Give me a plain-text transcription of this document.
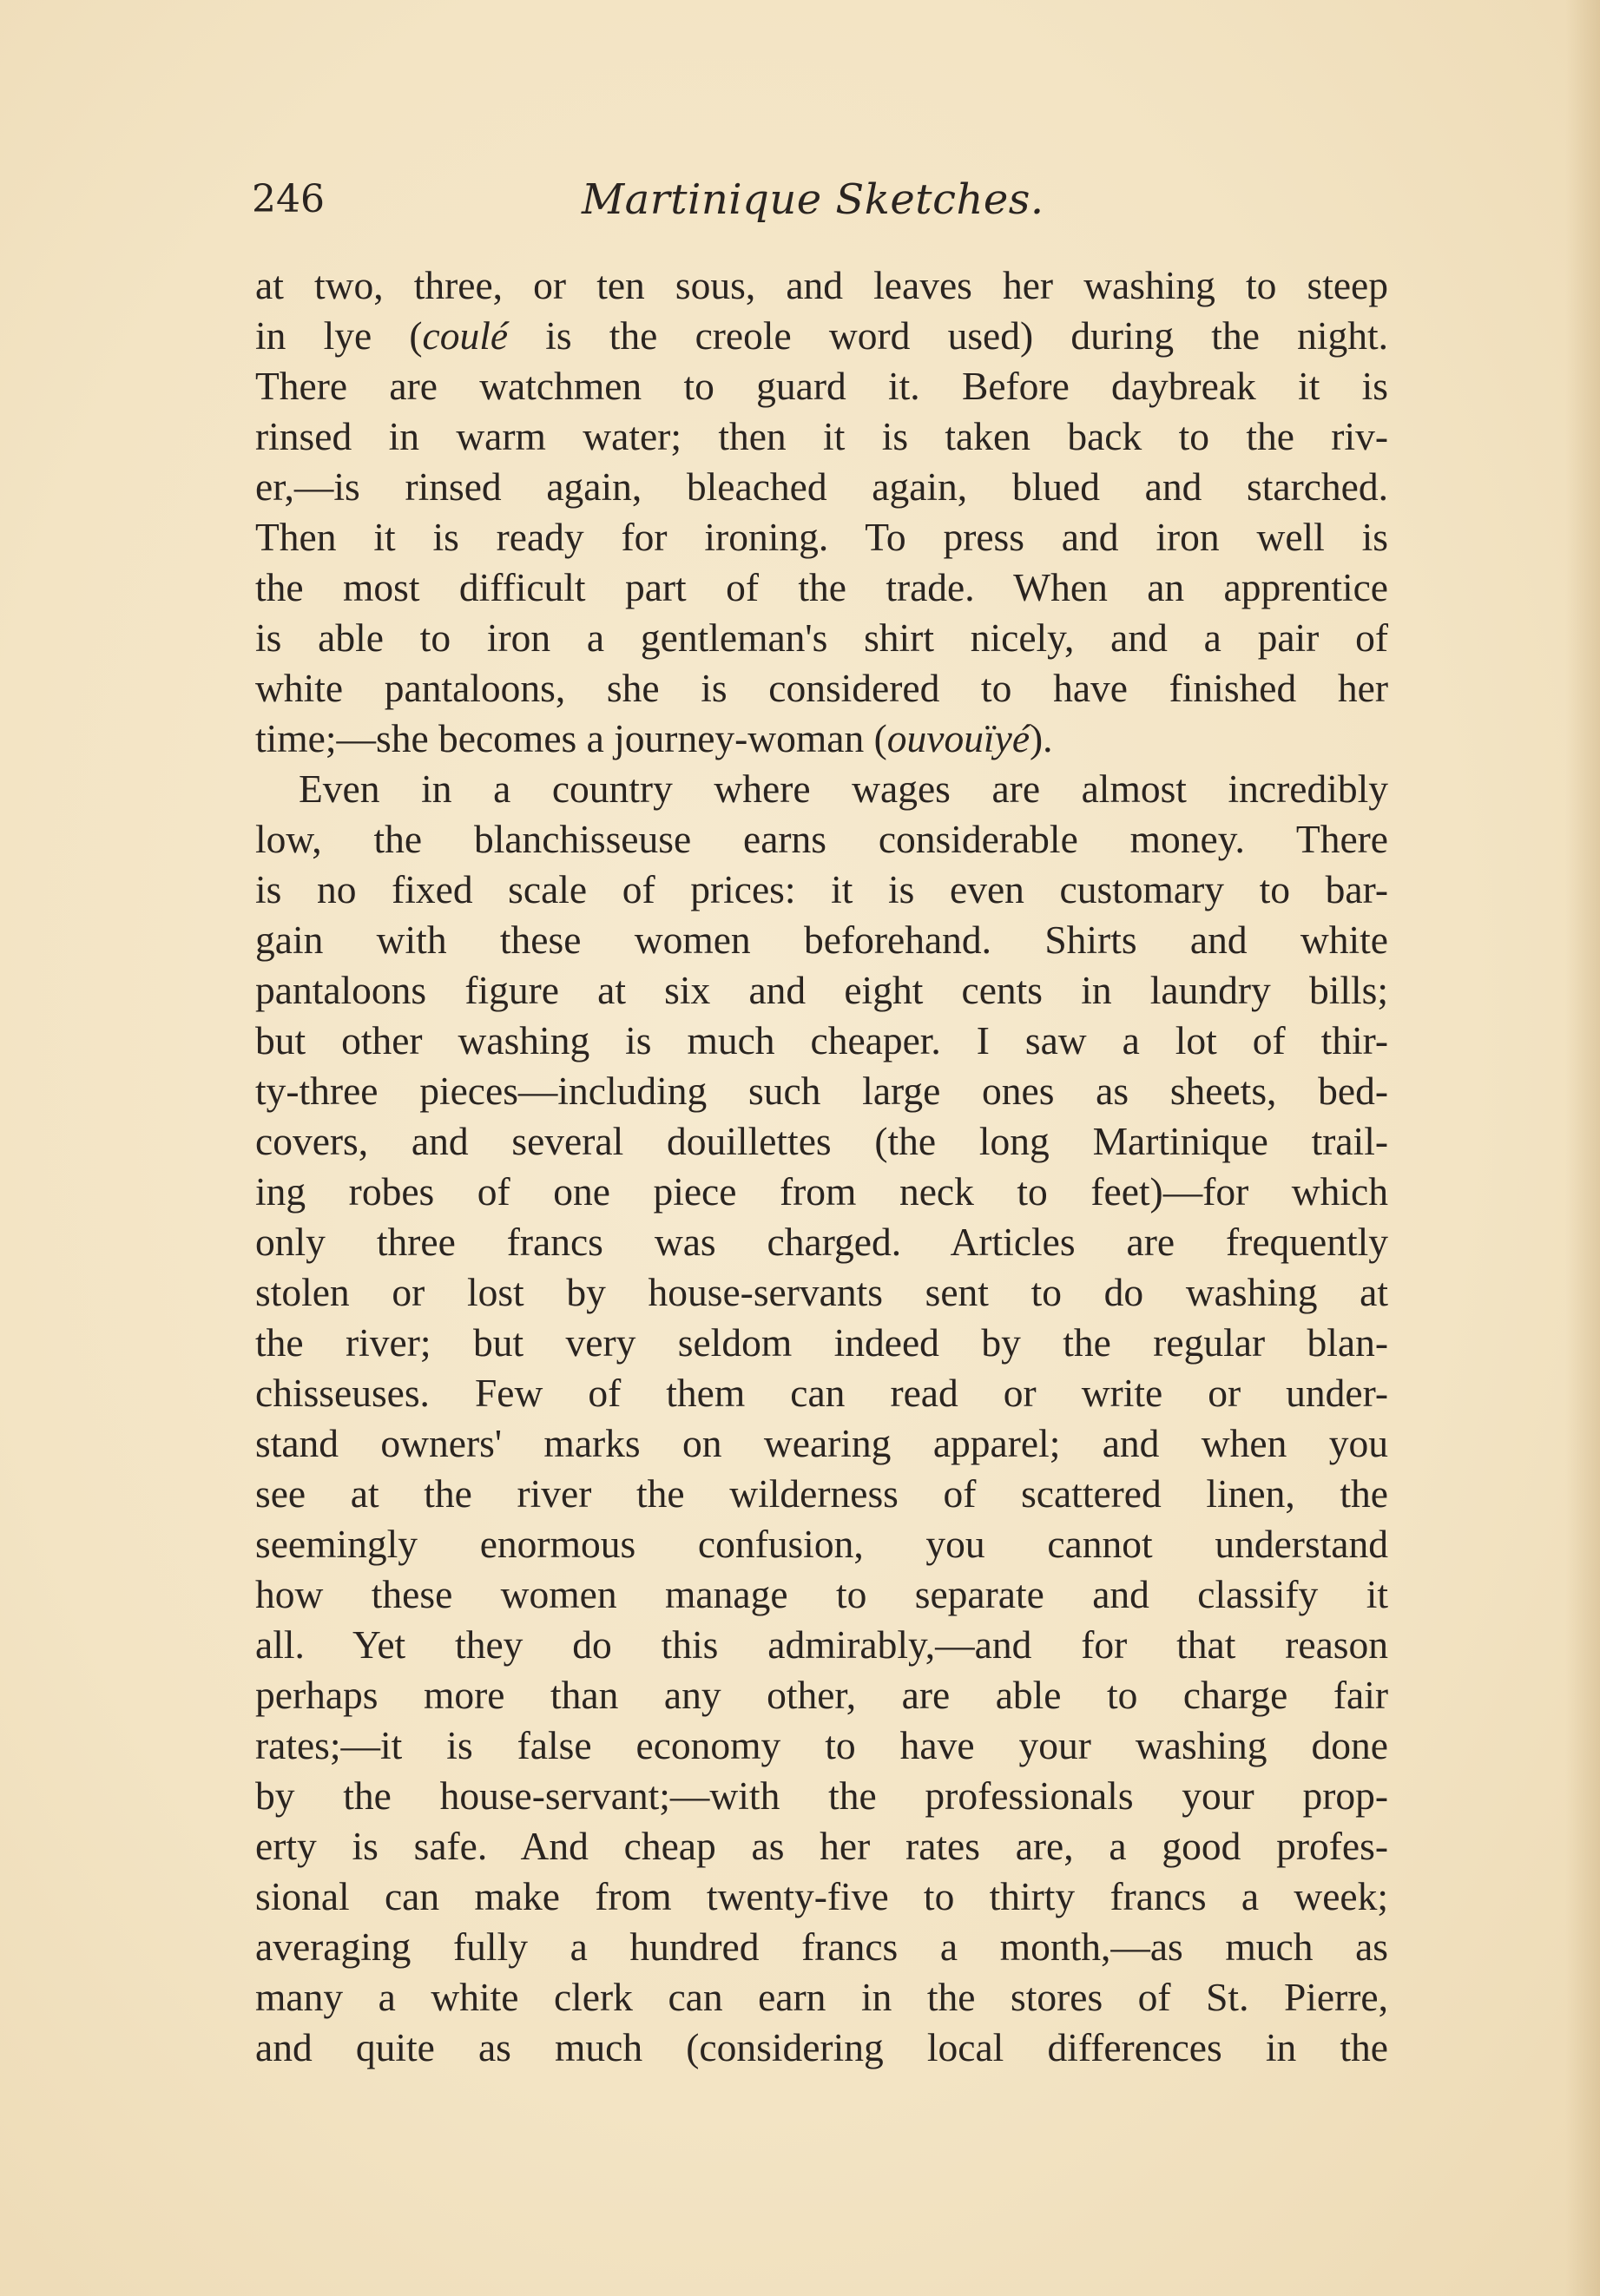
246	Martinique Sketches.
at two, three, or ten sous, and leaves her washing to steep
in lye (coulé is the creole word used) during the night.
There are watchmen to guard it. Before daybreak it is
rinsed in warm water; then it is taken back to the riv-
er,—is rinsed again, bleached again, blued and starched.
Then it is ready for ironing. To press and iron well is
the most difficult part of the trade. When an apprentice
is able to iron a gentleman's shirt nicely, and a pair of
white pantaloons, she is considered to have finished her
time;—she becomes a journey-woman (ouvouïyé).
Even in a country where wages are almost incredibly
low, the blanchisseuse earns considerable money. There
is no fixed scale of prices: it is even customary to bar-
gain with these women beforehand. Shirts and white
pantaloons figure at six and eight cents in laundry bills;
but other washing is much cheaper. I saw a lot of thir-
ty-three pieces—including such large ones as sheets, bed-
covers, and several douillettes (the long Martinique trail-
ing robes of one piece from neck to feet)—for which
only three francs was charged. Articles are frequently
stolen or lost by house-servants sent to do washing at
the river; but very seldom indeed by the regular blan-
chisseuses. Few of them can read or write or under-
stand owners' marks on wearing apparel; and when you
see at the river the wilderness of scattered linen, the
seemingly enormous confusion, you cannot understand
how these women manage to separate and classify it
all. Yet they do this admirably,—and for that reason
perhaps more than any other, are able to charge fair
rates;—it is false economy to have your washing done
by the house-servant;—with the professionals your prop-
erty is safe. And cheap as her rates are, a good profes-
sional can make from twenty-five to thirty francs a week;
averaging fully a hundred francs a month,—as much as
many a white clerk can earn in the stores of St. Pierre,
and quite as much (considering local differences in the
